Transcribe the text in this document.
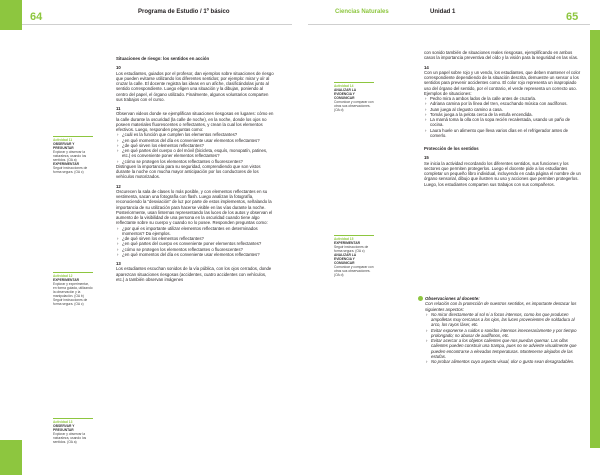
64	Programa de Estudio / 1º básico	Ciencias Naturales	Unidad 1	65

Situaciones de riesgo: los sentidos en acción

10

Los estudiantes, guiados por el profesor, dan ejemplos sobre situaciones de riesgo que pueden evitarse utilizando los diferentes sentidos; por ejemplo: mirar y oír al cruzar la calle. El docente registra las ideas en un afiche, clasificándolas junto al sentido correspondiente. Luego eligen una situación y la dibujan, poniendo al centro del papel, el órgano utilizado. Finalmente, algunos voluntarios comparten sus trabajos con el curso.

11

Observan videos donde se ejemplifican situaciones riesgosas en lugares: cómo en la calle durante la oscuridad (la calle de noche), en la noche, donde los ojos no poseen materiales fluorescentes o reflectantes, y crean la cual los elementos efectivos. Luego, responden preguntas como:

› ¿cuál es la función que cumplen los elementos reflectantes?
› ¿en qué momentos del día es conveniente usar elementos reflectantes?
› ¿de qué sirven los elementos reflectantes?
› ¿en qué partes del cuerpo o del móvil (bicicleta, esquís, monopatín, patines, etc.) es conveniente poner elementos reflectantes?
› ¿cómo se protegen los elementos reflectantes o fluorescentes?

Distinguen la importancia para su seguridad, comprendiendo que son vistos durante la noche con mucha mayor anticipación por los conductores de los vehículos motorizados.

12

Oscurecen la sala de clases lo más posible, y con elementos reflectantes en su vestimenta, sacan una fotografía con flash. Luego analizan la fotografía, reconociendo la "desviación" de luz por parte de estos implementos, señalando la importancia de su utilización para hacerse visible en las vías durante la noche. Posteriormente, usan linternas representando las luces de los autos y observan el aumento de la visibilidad de una persona en la oscuridad cuando tiene algo reflectante sobre su cuerpo y cuando no lo posee. Responden preguntas como:

› ¿por qué es importante utilizar elementos reflectantes en determinados momentos? Da ejemplos.
› ¿de qué sirven los elementos reflectantes?
› ¿en qué partes del cuerpo es conveniente poner elementos reflectantes?
› ¿cómo se protegen los elementos reflectantes o fluorescentes?
› ¿en qué momentos del día es conveniente usar elementos reflectantes?

13

Los estudiantes escuchan sonidos de la vía pública, con los ojos cerrados, donde aparezcan situaciones riesgosas (accidentes, cuatro accidentes con vehículos, etc.) a también observan imágenes

Actividad 11
OBSERVAR Y PREGUNTAR
Explorar y observar la naturaleza, usando los sentidos. (OA a)
EXPERIMENTAR
Seguir instrucciones de forma segura. (OA c)
Actividad 12
EXPERIMENTAR
Explorar y experimentar, en forma guiada, utilizando la observación y la manipulación. (OA b)
Seguir instrucciones de forma segura. (OA c)
Actividad 13
OBSERVAR Y PREGUNTAR
Explorar y observar la naturaleza, usando los sentidos. (OA a)
Actividad 14
ANALIZAR LA EVIDENCIA Y COMUNICAR
Comunicar y comparar con otros sus observaciones. (OA d)
Actividad 15
EXPERIMENTAR
Seguir instrucciones de forma segura. (OA c)
ANALIZAR LA EVIDENCIA Y COMUNICAR
Comunicar y comparar con otros sus observaciones. (OA d)

con sonido también de situaciones reales riesgosas, ejemplificando en ambos casos la importancia preventiva del oído y la visión para la seguridad en las vías.

14

Con un papel sobre rojo y un vendo, los estudiantes, que deben mantener el color correspondiente dependiendo de la situación descrita, demuestre un sensor o los sentidos para prevenir accidentes como. El color rojo representa un inapropiado uso del órgano del sentido, por el contrario, el verde representa un correcto uso.

Ejemplos de situaciones:

› Pedro mira a ambos lados de la calle antes de cruzarla.
› Adriana camina por la línea del tren, escuchando música con audífonos.
› Juan juega al clegusto camino a casa.
› Tomás juega a la pelota cerca de la estufa encendida.
› La mamá toma la olla con la sopa recién recalentada, usando un paño de cocina.
› Laura huele un alimento que lleva varios días en el refrigerador antes de comerlo.

Protección de los sentidos

15

Se inicia la actividad recordando los diferentes sentidos, sus funciones y los sectores que permiten protegerlos. Luego el docente pide a los estudiantes completar un pequeño libro individual, incluyendo en cada página el nombre de un órgano sensorial, dibujo que ilustren su uso y acciones que permiten protegerlos. Luego, los estudiantes comparten sus trabajos con sus compañeros.

Observaciones al docente:

Con relación con la protección de nuestros sentidos, es importante destacar los siguientes aspectos:

› No mirar directamente al sol ni a focos intensos, como los que producen ampolletas muy cercanas a los ojos, las luces provenientes de soldadura al arco, los rayos láser, etc.
› Evitar exponerse a ruidos o sonidos intensos innecesariamente y por tiempo prolongado; no abusar de audífonos, etc.
› Evitar acercar a los objetos calientes que nos puedan quemar. Las ollas calientes pueden construir una trampa, pues no se advierte visualmente que pueden encontrarse a elevadas temperaturas. Mantenerse alejados de las estufas.
› No probar alimentos cuyo aspecto visual, olor o gusto sean desagradables.
